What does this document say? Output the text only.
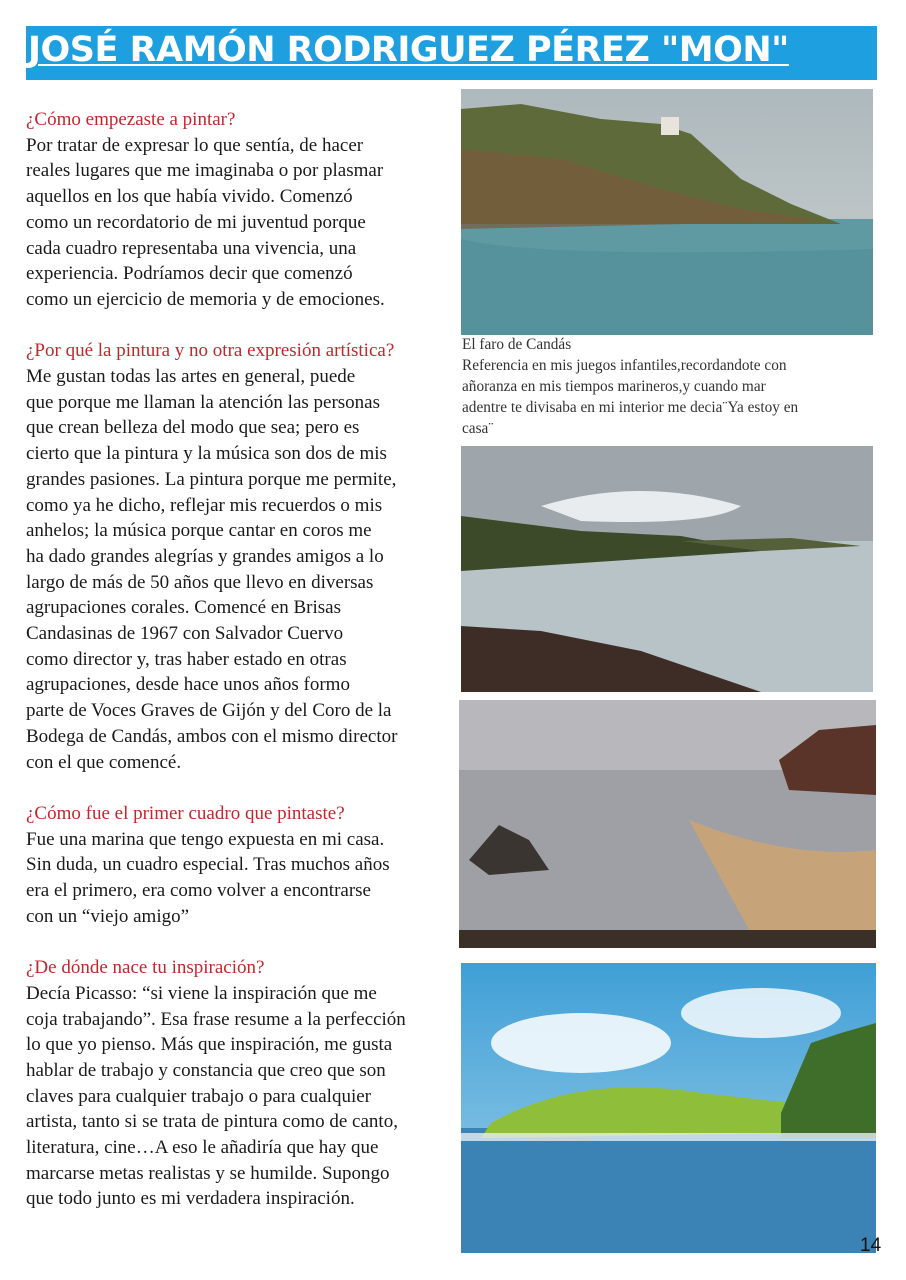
JOSÉ RAMÓN RODRIGUEZ PÉREZ "MON"
¿Cómo empezaste a pintar?
Por tratar de expresar lo que sentía, de hacer
reales lugares que me imaginaba o por plasmar
aquellos en los que había vivido. Comenzó
como un recordatorio de mi juventud porque
cada cuadro representaba una vivencia, una
experiencia. Podríamos decir que comenzó
como un ejercicio de memoria y de emociones.
¿Por qué la pintura y no otra expresión artística?
Me gustan todas las artes en general, puede
que porque me llaman la atención las personas
que crean belleza del modo que sea; pero es
cierto que la pintura y la música son dos de mis
grandes pasiones. La pintura porque me permite,
como ya he dicho, reflejar mis recuerdos o mis
anhelos; la música porque cantar en coros me
ha dado grandes alegrías y grandes amigos a lo
largo de más de 50 años que llevo en diversas
agrupaciones corales. Comencé en Brisas
Candasinas de 1967 con Salvador Cuervo
como director y, tras haber estado en otras
agrupaciones, desde hace unos años formo
parte de Voces Graves de Gijón y del Coro de la
Bodega de Candás, ambos con el mismo director
con el que comencé.
¿Cómo fue el primer cuadro que pintaste?
Fue una marina que tengo expuesta en mi casa.
Sin duda, un cuadro especial. Tras muchos años
era el primero, era como volver a encontrarse
con un “viejo amigo”
¿De dónde nace tu inspiración?
Decía Picasso: “si viene la inspiración que me
coja trabajando”. Esa frase resume a la perfección
lo que yo pienso. Más que inspiración, me gusta
hablar de trabajo y constancia que creo que son
claves para cualquier trabajo o para cualquier
artista, tanto si se trata de pintura como de canto,
literatura, cine…A eso le añadiría que hay que
marcarse metas realistas y se humilde. Supongo
que todo junto es mi verdadera inspiración.
El faro de Candás
Referencia en mis juegos infantiles,recordandote con
añoranza en mis tiempos marineros,y cuando mar
adentre te divisaba en mi interior me decia¨Ya estoy en
casa¨
14
